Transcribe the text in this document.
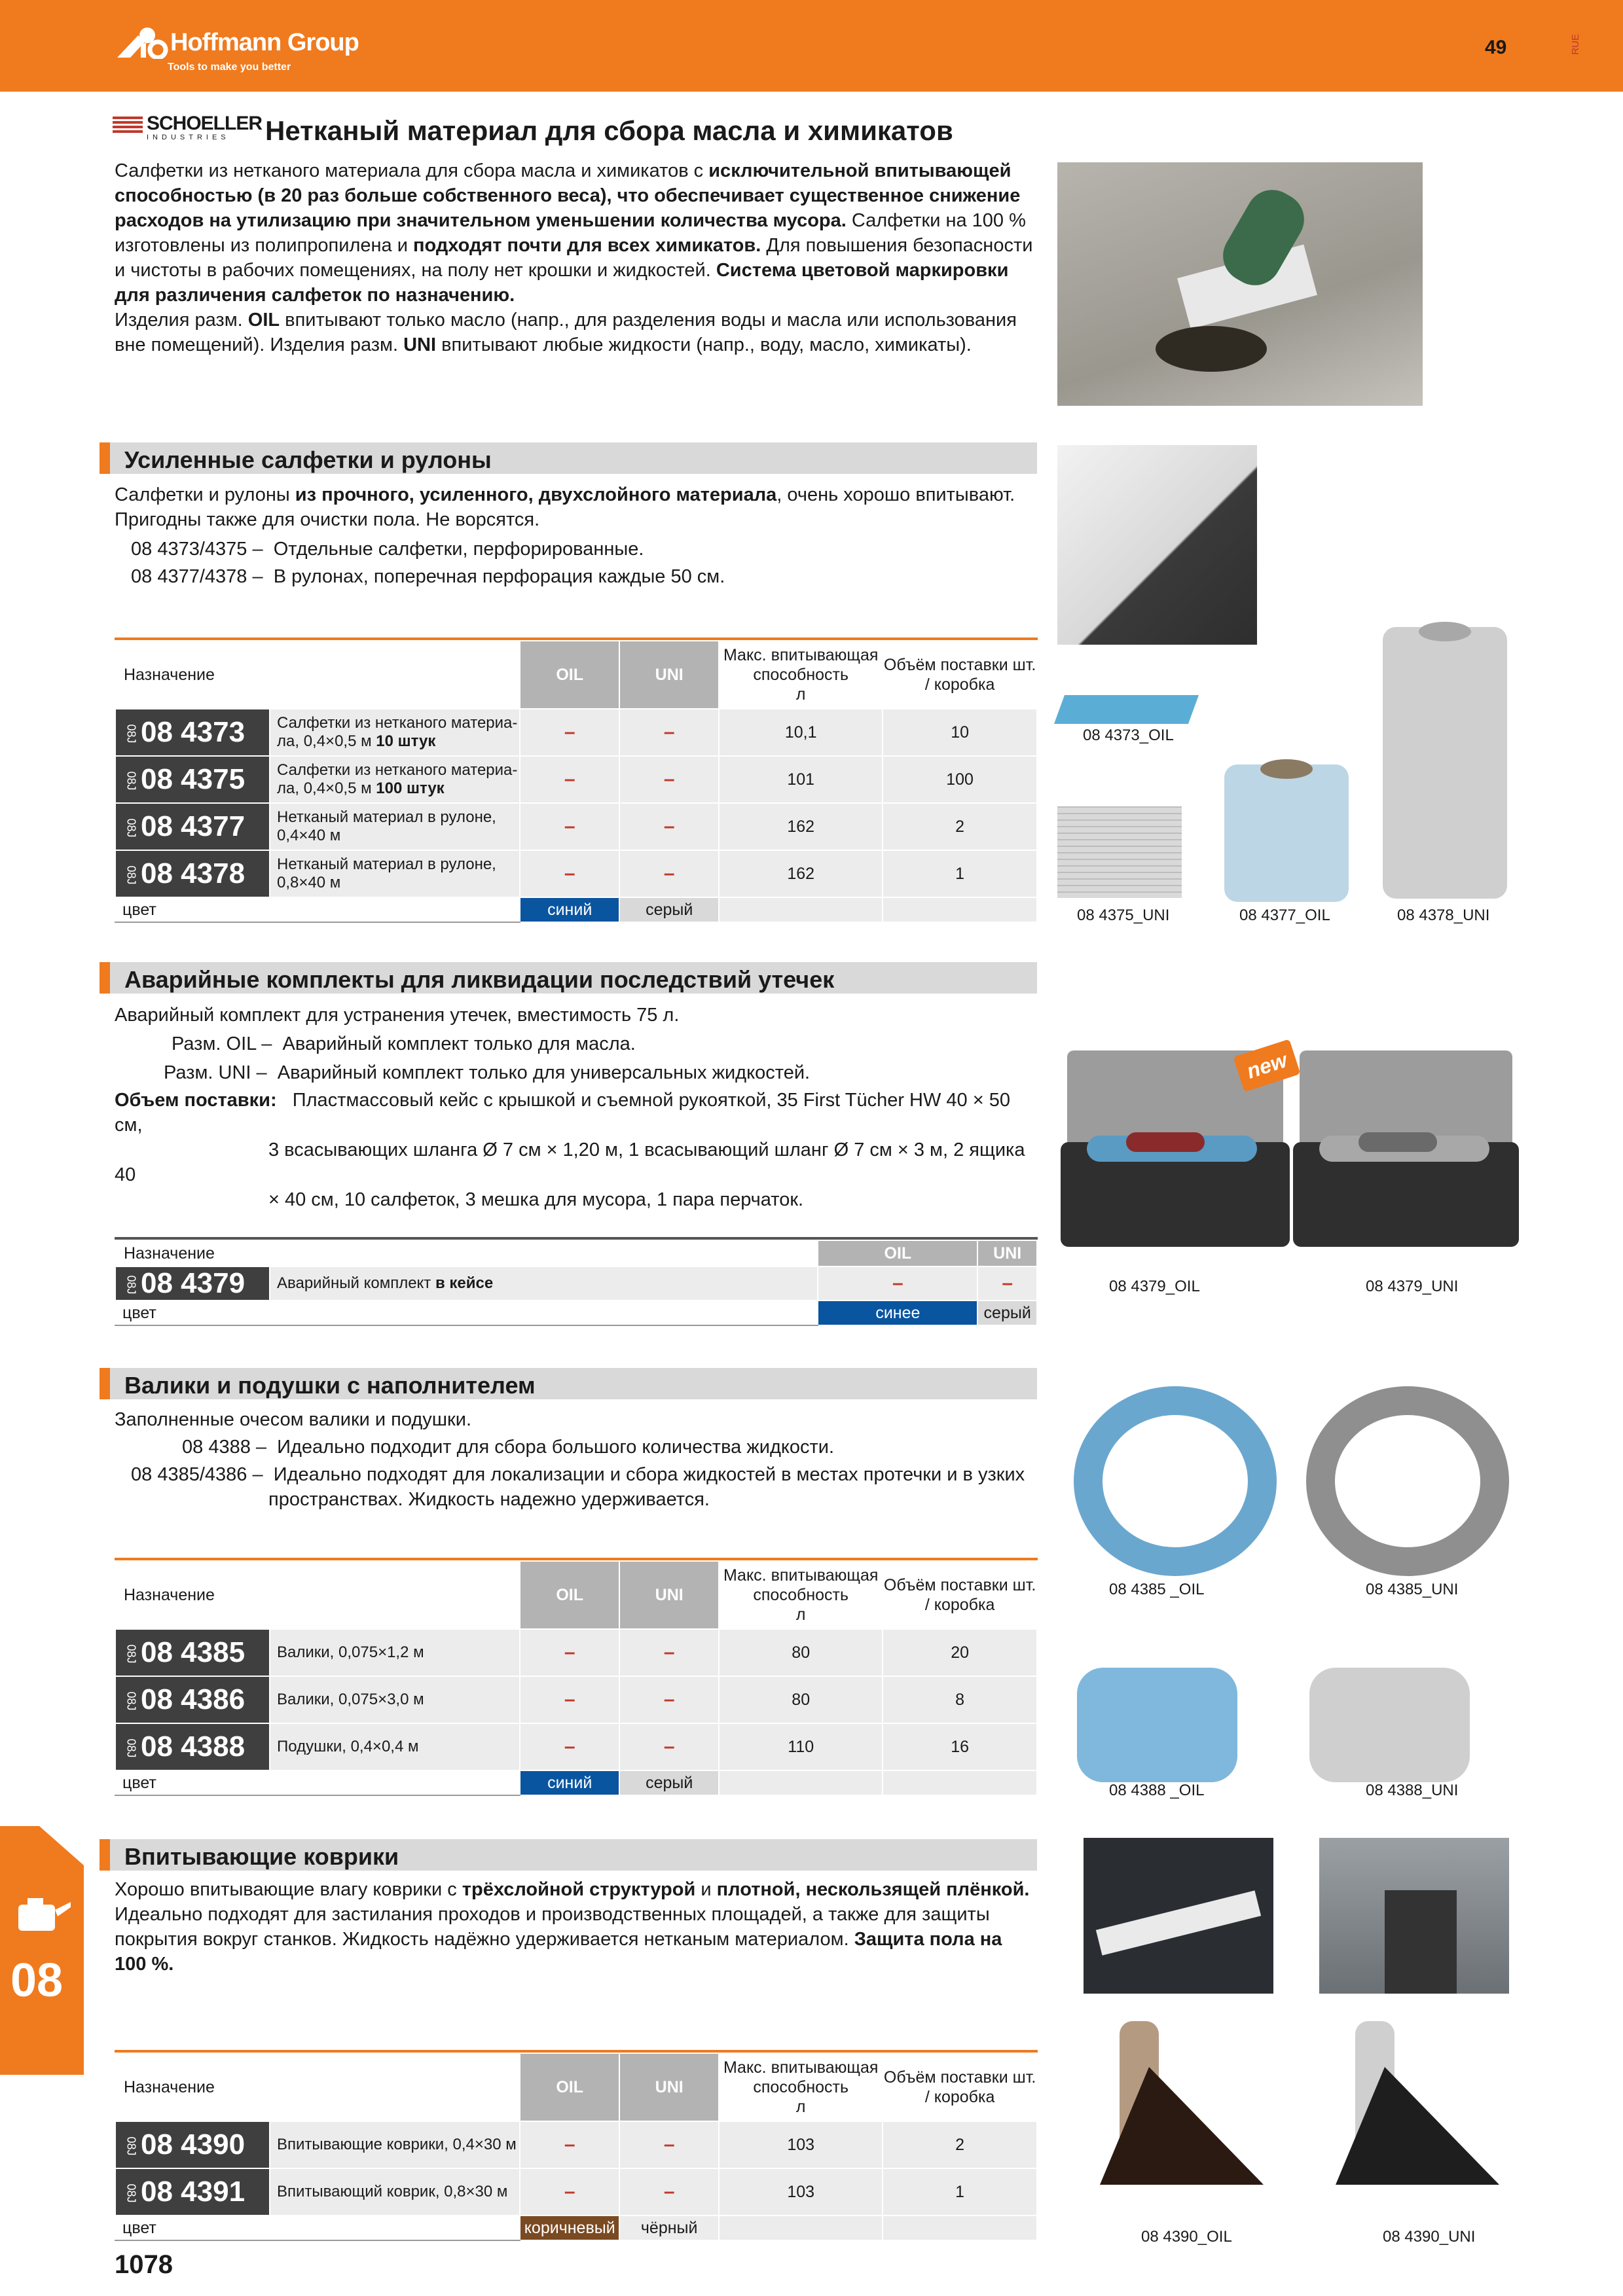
Hoffmann Group
Tools to make you better
49	RUE
SCHOELLER
INDUSTRIES Нетканый материал для сбора масла и химикатов
Салфетки из нетканого материала для сбора масла и химикатов с исключительной впитывающей способностью (в 20 раз больше собственного веса), что обеспечивает существенное снижение расходов на утилизацию при значительном уменьшении количества мусора. Салфетки на 100 % изготовлены из полипропилена и подходят почти для всех химикатов. Для повышения безопасности и чистоты в рабочих помещениях, на полу нет крошки и жидкостей. Система цветовой маркировки для различения салфеток по назначению.
Изделия разм. OIL впитывают только масло (напр., для разделения воды и масла или использования вне помещений). Изделия разм. UNI впитывают любые жидкости (напр., воду, масло, химикаты).
Усиленные салфетки и рулоны
Салфетки и рулоны из прочного, усиленного, двухслойного материала, очень хорошо впитывают. Пригодны также для очистки пола. Не ворсятся.
08 4373/4375 – Отдельные салфетки, перфорированные.
08 4377/4378 – В рулонах, поперечная перфорация каждые 50 см.
Назначение		OIL	UNI	Макс. впитывающая
способность
л	Объём поставки шт.
/ коробка
08J 08 4373	Салфетки из нетканого материа-
ла, 0,4×0,5 м 10 штук	–	–	10,1	10
08J 08 4375	Салфетки из нетканого материа-
ла, 0,4×0,5 м 100 штук	–	–	101	100
08J 08 4377	Нетканый материал в рулоне,
0,4×40 м	–	–	162	2
08J 08 4378	Нетканый материал в рулоне,
0,8×40 м	–	–	162	1
цвет		синий	серый		
08 4373_OIL
08 4375_UNI	08 4377_OIL	08 4378_UNI
Аварийные комплекты для ликвидации последствий утечек
Аварийный комплект для устранения утечек, вместимость 75 л.
Разм. OIL – Аварийный комплект только для масла.
Разм. UNI – Аварийный комплект только для универсальных жидкостей.
Объем поставки: Пластмассовый кейс с крышкой и съемной рукояткой, 35 First Tücher HW 40 × 50 см,
3 всасывающих шланга Ø 7 см × 1,20 м, 1 всасывающий шланг Ø 7 см × 3 м, 2 ящика 40
× 40 см, 10 салфеток, 3 мешка для мусора, 1 пара перчаток.
Назначение		OIL	UNI
08J 08 4379	Аварийный комплект в кейсе	–	–
цвет		синее	серый
new
08 4379_OIL	08 4379_UNI
Валики и подушки с наполнителем
Заполненные очесом валики и подушки.
08 4388 – Идеально подходит для сбора большого количества жидкости.
08 4385/4386 – Идеально подходят для локализации и сбора жидкостей в местах протечки и в узких
пространствах. Жидкость надежно удерживается.
Назначение		OIL	UNI	Макс. впитывающая
способность
л	Объём поставки шт.
/ коробка
08J 08 4385	Валики, 0,075×1,2 м	–	–	80	20
08J 08 4386	Валики, 0,075×3,0 м	–	–	80	8
08J 08 4388	Подушки, 0,4×0,4 м	–	–	110	16
цвет		синий	серый		
08 4385 _OIL	08 4385_UNI
08 4388 _OIL	08 4388_UNI
Впитывающие коврики
Хорошо впитывающие влагу коврики с трёхслойной структурой и плотной, нескользящей плёнкой. Идеально подходят для застилания проходов и производственных площадей, а также для защиты покрытия вокруг станков. Жидкость надёжно удерживается нетканым материалом. Защита пола на 100 %.
Назначение		OIL	UNI	Макс. впитывающая
способность
л	Объём поставки шт.
/ коробка
08J 08 4390	Впитывающие коврики, 0,4×30 м	–	–	103	2
08J 08 4391	Впитывающий коврик, 0,8×30 м	–	–	103	1
цвет		коричневый	чёрный			08 4390_OIL	08 4390_UNI
08
1078
